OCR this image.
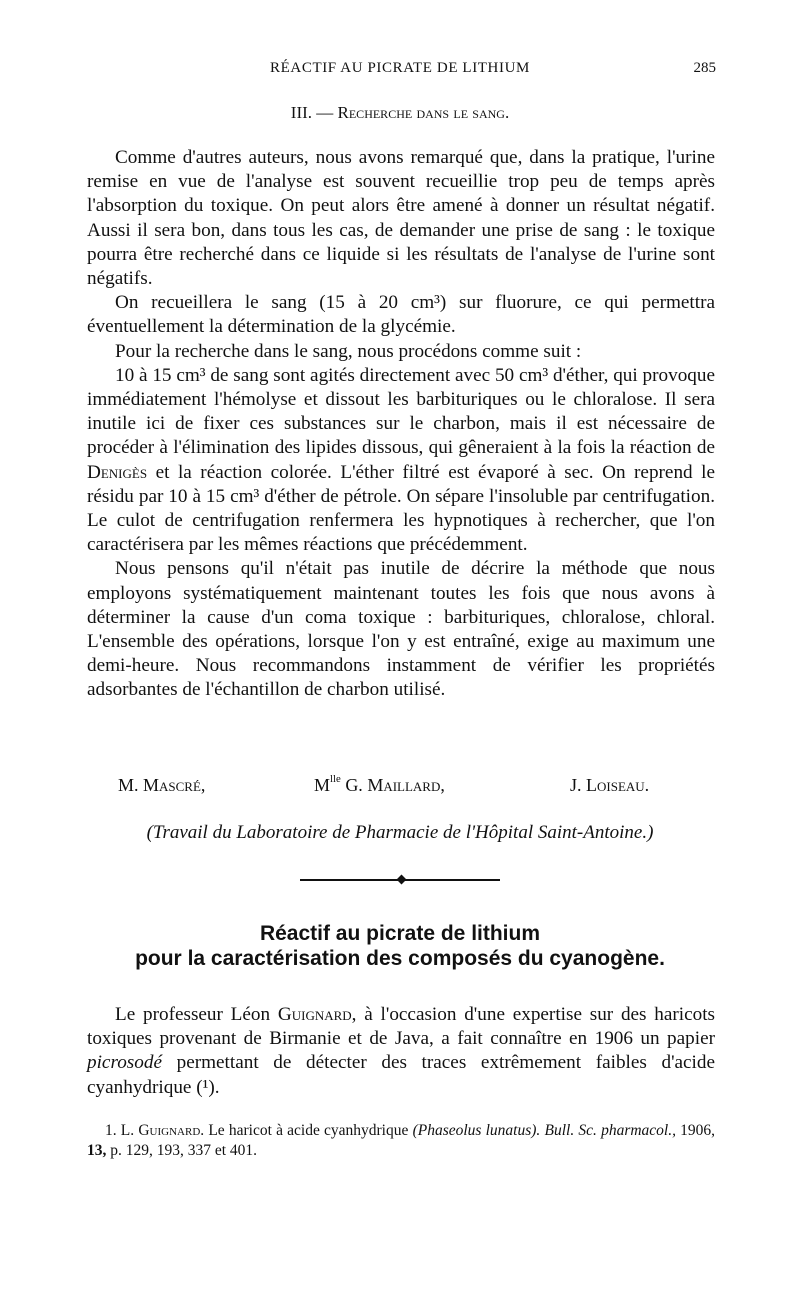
RÉACTIF AU PICRATE DE LITHIUM	285
III. — Recherche dans le sang.

Comme d'autres auteurs, nous avons remarqué que, dans la pratique, l'urine remise en vue de l'analyse est souvent recueillie trop peu de temps après l'absorption du toxique. On peut alors être amené à donner un résultat négatif. Aussi il sera bon, dans tous les cas, de demander une prise de sang : le toxique pourra être recherché dans ce liquide si les résultats de l'analyse de l'urine sont négatifs.

On recueillera le sang (15 à 20 cm³) sur fluorure, ce qui permettra éventuellement la détermination de la glycémie.

Pour la recherche dans le sang, nous procédons comme suit :

10 à 15 cm³ de sang sont agités directement avec 50 cm³ d'éther, qui provoque immédiatement l'hémolyse et dissout les barbituriques ou le chloralose. Il sera inutile ici de fixer ces substances sur le charbon, mais il est nécessaire de procéder à l'élimination des lipides dissous, qui gêneraient à la fois la réaction de Denigès et la réaction colorée. L'éther filtré est évaporé à sec. On reprend le résidu par 10 à 15 cm³ d'éther de pétrole. On sépare l'insoluble par centrifugation. Le culot de centrifugation renfermera les hypnotiques à rechercher, que l'on caractérisera par les mêmes réactions que précédemment.

Nous pensons qu'il n'était pas inutile de décrire la méthode que nous employons systématiquement maintenant toutes les fois que nous avons à déterminer la cause d'un coma toxique : barbituriques, chloralose, chloral. L'ensemble des opérations, lorsque l'on y est entraîné, exige au maximum une demi-heure. Nous recommandons instamment de vérifier les propriétés adsorbantes de l'échantillon de charbon utilisé.

M. Mascré,	$M^{lle}$ G. Maillard,	J. Loiseau.
(Travail du Laboratoire de Pharmacie de l'Hôpital Saint-Antoine.)
Réactif au picrate de lithium
pour la caractérisation des composés du cyanogène.

Le professeur Léon Guignard, à l'occasion d'une expertise sur des haricots toxiques provenant de Birmanie et de Java, a fait connaître en 1906 un papier picrosodé permettant de détecter des traces extrêmement faibles d'acide cyanhydrique (¹).

1. L. Guignard. Le haricot à acide cyanhydrique (Phaseolus lunatus). Bull. Sc. pharmacol., 1906, 13, p. 129, 193, 337 et 401.
